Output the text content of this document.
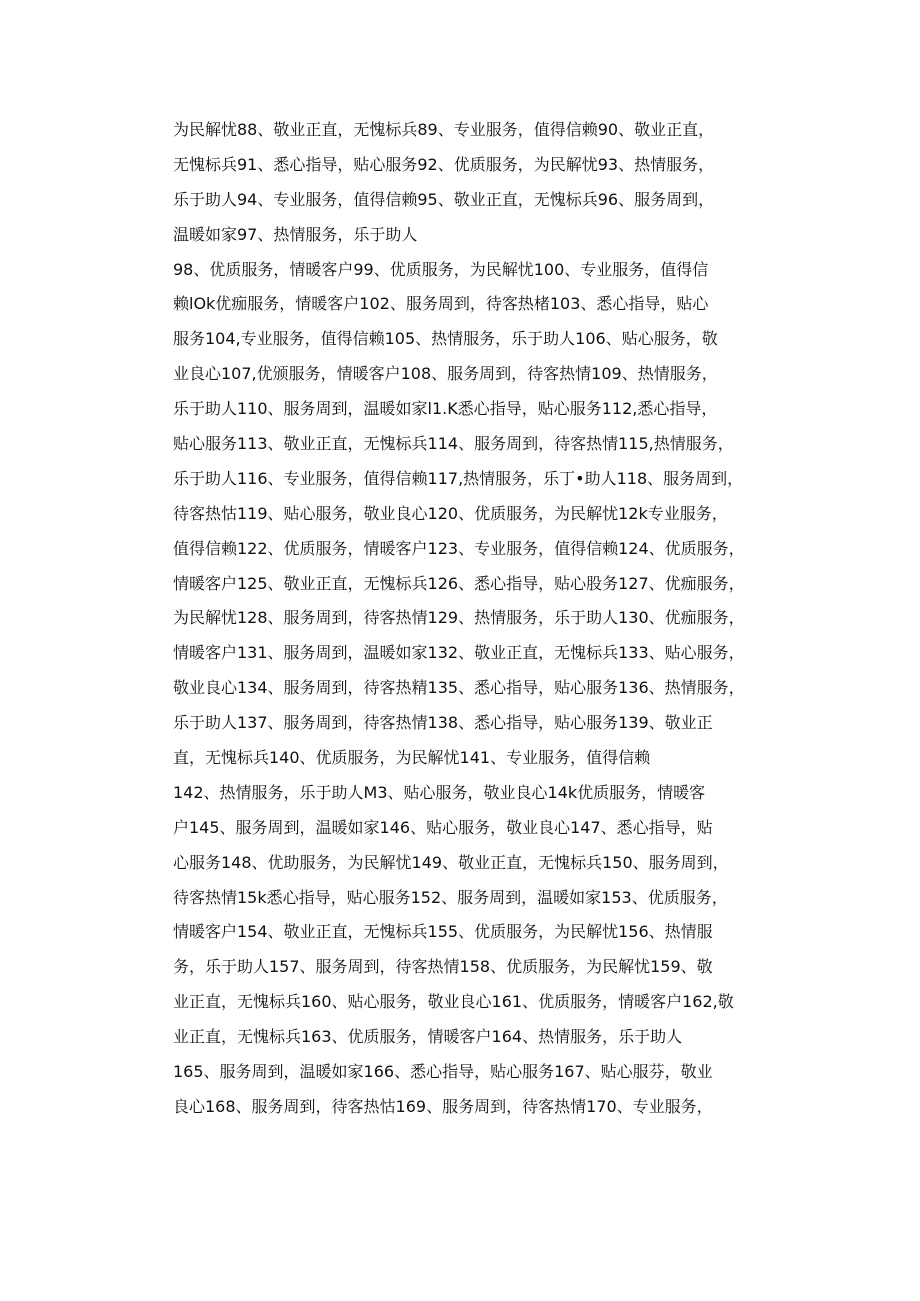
为民解忧88、敬业正直，无愧标兵89、专业服务，值得信赖90、敬业正直，
无愧标兵91、悉心指导，贴心服务92、优质服务，为民解忧93、热情服务，
乐于助人94、专业服务，值得信赖95、敬业正直，无愧标兵96、服务周到，
温暖如家97、热情服务，乐于助人
98、优质服务，情暖客户99、优质服务，为民解忧100、专业服务，值得信
赖lOk优痂服务，情暖客户102、服务周到，待客热楮103、悉心指导，贴心
服务104,专业服务，值得信赖105、热情服务，乐于助人106、贴心服务，敬
业良心107,优颁服务，情暖客户108、服务周到，待客热情109、热情服务，
乐于助人110、服务周到，温暖如家l1.K悉心指导，贴心服务112,悉心指导，
贴心服务113、敬业正直，无愧标兵114、服务周到，待客热情115,热情服务，
乐于助人116、专业服务，值得信赖117,热情服务，乐丁•助人118、服务周到，
待客热怙119、贴心服务，敬业良心120、优质服务，为民解忧12k专业服务，
值得信赖122、优质服务，情暖客户123、专业服务，值得信赖124、优质服务，
情暖客户125、敬业正直，无愧标兵126、悉心指导，贴心股务127、优痂服务，
为民解忧128、服务周到，待客热情129、热情服务，乐于助人130、优痂服务，
情暖客户131、服务周到，温暖如家132、敬业正直，无愧标兵133、贴心服务，
敬业良心134、服务周到，待客热精135、悉心指导，贴心服务136、热情服务，
乐于助人137、服务周到，待客热情138、悉心指导，贴心服务139、敬业正
直，无愧标兵140、优质服务，为民解忧141、专业服务，值得信赖
142、热情服务，乐于助人M3、贴心服务，敬业良心14k优质服务，情暖客
户145、服务周到，温暖如家146、贴心服务，敬业良心147、悉心指导，贴
心服务148、优助服务，为民解忧149、敬业正直，无愧标兵150、服务周到，
待客热情15k悉心指导，贴心服务152、服务周到，温暖如家153、优质服务，
情暖客户154、敬业正直，无愧标兵155、优质服务，为民解忧156、热情服
务，乐于助人157、服务周到，待客热情158、优质服务，为民解忧159、敬
业正直，无愧标兵160、贴心服务，敬业良心161、优质服务，情暖客户162,敬
业正直，无愧标兵163、优质服务，情暖客户164、热情服务，乐于助人
165、服务周到，温暖如家166、悉心指导，贴心服务167、贴心服芬，敬业
良心168、服务周到，待客热怙169、服务周到，待客热情170、专业服务，
